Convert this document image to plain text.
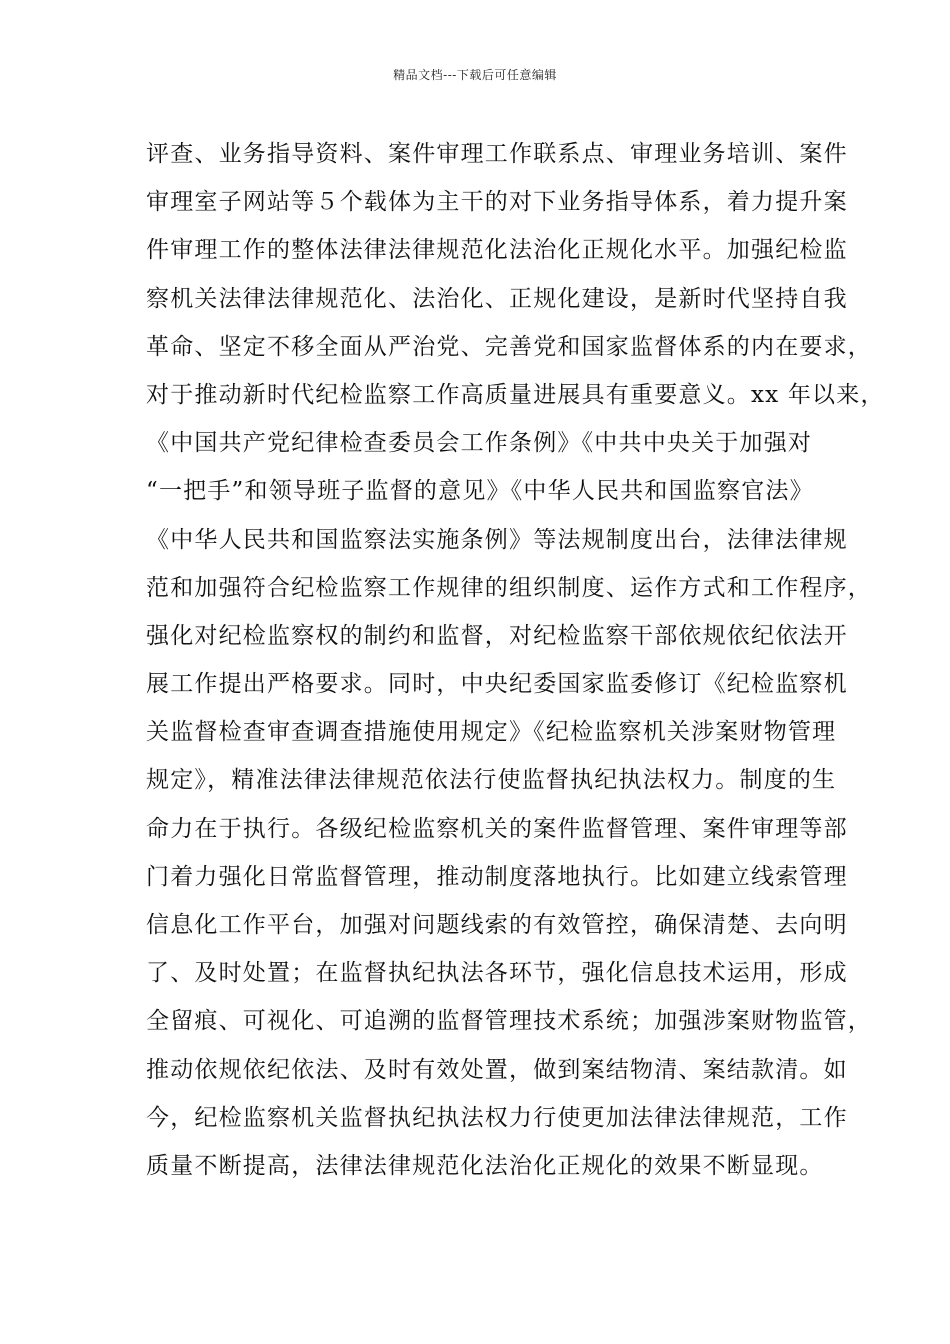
精品文档---下载后可任意编辑
评查、业务指导资料、案件审理工作联系点、审理业务培训、案件
审理室子网站等５个载体为主干的对下业务指导体系，着力提升案
件审理工作的整体法律法律规范化法治化正规化水平。加强纪检监
察机关法律法律规范化、法治化、正规化建设，是新时代坚持自我
革命、坚定不移全面从严治党、完善党和国家监督体系的内在要求，
对于推动新时代纪检监察工作高质量进展具有重要意义。xx 年以来，
《中国共产党纪律检查委员会工作条例》《中共中央关于加强对
“一把手”和领导班子监督的意见》《中华人民共和国监察官法》
《中华人民共和国监察法实施条例》等法规制度出台，法律法律规
范和加强符合纪检监察工作规律的组织制度、运作方式和工作程序，
强化对纪检监察权的制约和监督，对纪检监察干部依规依纪依法开
展工作提出严格要求。同时，中央纪委国家监委修订《纪检监察机
关监督检查审查调查措施使用规定》《纪检监察机关涉案财物管理
规定》，精准法律法律规范依法行使监督执纪执法权力。制度的生
命力在于执行。各级纪检监察机关的案件监督管理、案件审理等部
门着力强化日常监督管理，推动制度落地执行。比如建立线索管理
信息化工作平台，加强对问题线索的有效管控，确保清楚、去向明
了、及时处置；在监督执纪执法各环节，强化信息技术运用，形成
全留痕、可视化、可追溯的监督管理技术系统；加强涉案财物监管，
推动依规依纪依法、及时有效处置，做到案结物清、案结款清。如
今，纪检监察机关监督执纪执法权力行使更加法律法律规范，工作
质量不断提高，法律法律规范化法治化正规化的效果不断显现。
